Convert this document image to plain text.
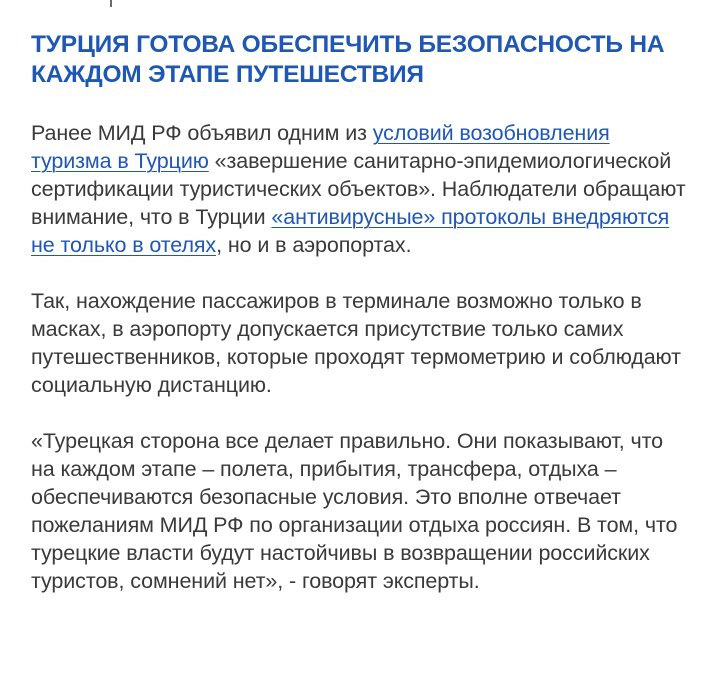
ТУРЦИЯ ГОТОВА ОБЕСПЕЧИТЬ БЕЗОПАСНОСТЬ НА КАЖДОМ ЭТАПЕ ПУТЕШЕСТВИЯ

Ранее МИД РФ объявил одним из условий возобновления туризма в Турцию «завершение санитарно-эпидемиологической сертификации туристических объектов». Наблюдатели обращают внимание, что в Турции «антивирусные» протоколы внедряются не только в отелях, но и в аэропортах.

Так, нахождение пассажиров в терминале возможно только в масках, в аэропорту допускается присутствие только самих путешественников, которые проходят термометрию и соблюдают социальную дистанцию.

«Турецкая сторона все делает правильно. Они показывают, что на каждом этапе – полета, прибытия, трансфера, отдыха – обеспечиваются безопасные условия. Это вполне отвечает пожеланиям МИД РФ по организации отдыха россиян. В том, что турецкие власти будут настойчивы в возвращении российских туристов, сомнений нет», - говорят эксперты.
